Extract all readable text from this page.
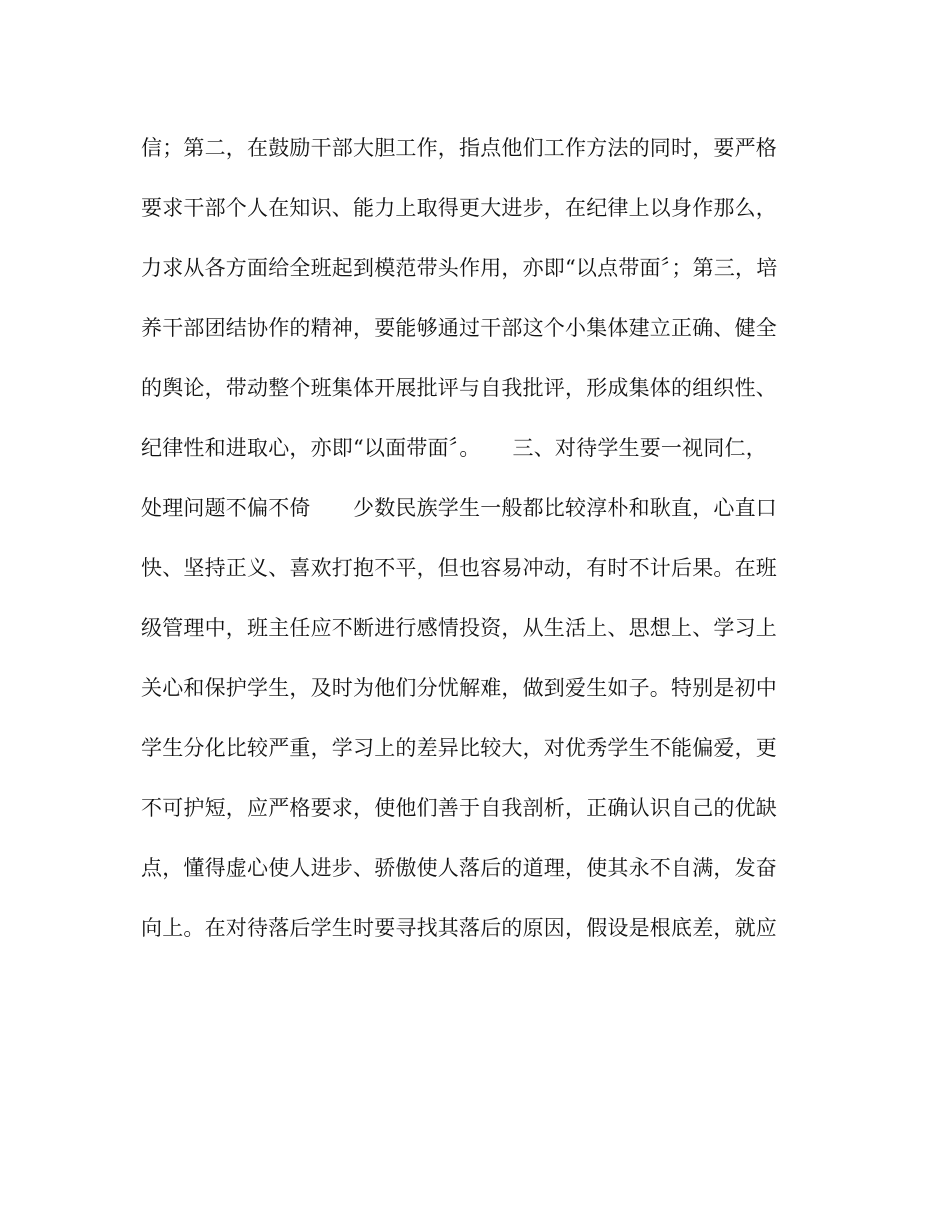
信；第二，在鼓励干部大胆工作，指点他们工作方法的同时，要严格
要求干部个人在知识、能力上取得更大进步，在纪律上以身作那么，
力求从各方面给全班起到模范带头作用，亦即“以点带面〞；第三，培
养干部团结协作的精神，要能够通过干部这个小集体建立正确、健全
的舆论，带动整个班集体开展批评与自我批评，形成集体的组织性、
纪律性和进取心，亦即“以面带面〞。　　三、对待学生要一视同仁，
处理问题不偏不倚　　少数民族学生一般都比较淳朴和耿直，心直口
快、坚持正义、喜欢打抱不平，但也容易冲动，有时不计后果。在班
级管理中，班主任应不断进行感情投资，从生活上、思想上、学习上
关心和保护学生，及时为他们分忧解难，做到爱生如子。特别是初中
学生分化比较严重，学习上的差异比较大，对优秀学生不能偏爱，更
不可护短，应严格要求，使他们善于自我剖析，正确认识自己的优缺
点，懂得虚心使人进步、骄傲使人落后的道理，使其永不自满，发奋
向上。在对待落后学生时要寻找其落后的原因，假设是根底差，就应
